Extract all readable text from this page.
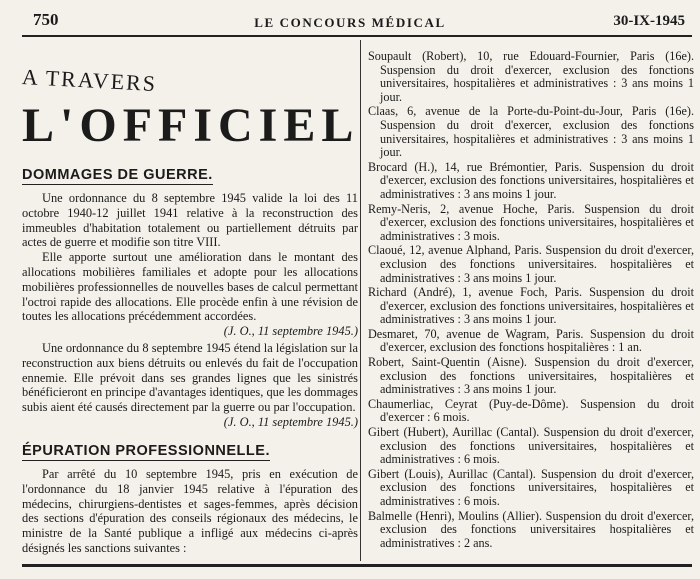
750	LE CONCOURS MÉDICAL	30-IX-1945
A TRAVERS
L'OFFICIEL
DOMMAGES DE GUERRE.

Une ordonnance du 8 septembre 1945 valide la loi des 11 octobre 1940-12 juillet 1941 relative à la reconstruction des immeubles d'habitation totalement ou partiellement détruits par actes de guerre et modifie son titre VIII.

Elle apporte surtout une amélioration dans le montant des allocations mobilières familiales et adopte pour les allocations mobilières professionnelles de nouvelles bases de calcul permettant l'octroi rapide des allocations. Elle procède enfin à une révision de toutes les allocations précédemment accordées.

(J. O., 11 septembre 1945.)

Une ordonnance du 8 septembre 1945 étend la législation sur la reconstruction aux biens détruits ou enlevés du fait de l'occupation ennemie. Elle prévoit dans ses grandes lignes que les sinistrés bénéficieront en principe d'avantages identiques, que les dommages subis aient été causés directement par la guerre ou par l'occupation.

(J. O., 11 septembre 1945.)
ÉPURATION PROFESSIONNELLE.

Par arrêté du 10 septembre 1945, pris en exécution de l'ordonnance du 18 janvier 1945 relative à l'épuration des médecins, chirurgiens-dentistes et sages-femmes, après décision des sections d'épuration des conseils régionaux des médecins, le ministre de la Santé publique a infligé aux médecins ci-après désignés les sanctions suivantes :

Soupault (Robert), 10, rue Edouard-Fournier, Paris (16e). Suspension du droit d'exercer, exclusion des fonctions universitaires, hospitalières et administratives : 3 ans moins 1 jour.

Claas, 6, avenue de la Porte-du-Point-du-Jour, Paris (16e). Suspension du droit d'exercer, exclusion des fonctions universitaires, hospitalières et administratives : 3 ans moins 1 jour.

Brocard (H.), 14, rue Brémontier, Paris. Suspension du droit d'exercer, exclusion des fonctions universitaires, hospitalières et administratives : 3 ans moins 1 jour.

Remy-Neris, 2, avenue Hoche, Paris. Suspension du droit d'exercer, exclusion des fonctions universitaires, hospitalières et administratives : 3 mois.

Claoué, 12, avenue Alphand, Paris. Suspension du droit d'exercer, exclusion des fonctions universitaires. hospitalières et administratives : 3 ans moins 1 jour.

Richard (André), 1, avenue Foch, Paris. Suspension du droit d'exercer, exclusion des fonctions universitaires, hospitalières et administratives : 3 ans moins 1 jour.

Desmaret, 70, avenue de Wagram, Paris. Suspension du droit d'exercer, exclusion des fonctions hospitalières : 1 an.

Robert, Saint-Quentin (Aisne). Suspension du droit d'exercer, exclusion des fonctions universitaires, hospitalières et administratives : 3 ans moins 1 jour.

Chaumerliac, Ceyrat (Puy-de-Dôme). Suspension du droit d'exercer : 6 mois.

Gibert (Hubert), Aurillac (Cantal). Suspension du droit d'exercer, exclusion des fonctions universitaires, hospitalières et administratives : 6 mois.

Gibert (Louis), Aurillac (Cantal). Suspension du droit d'exercer, exclusion des fonctions universitaires, hospitalières et administratives : 6 mois.

Balmelle (Henri), Moulins (Allier). Suspension du droit d'exercer, exclusion des fonctions universitaires hospitalières et administratives : 2 ans.
